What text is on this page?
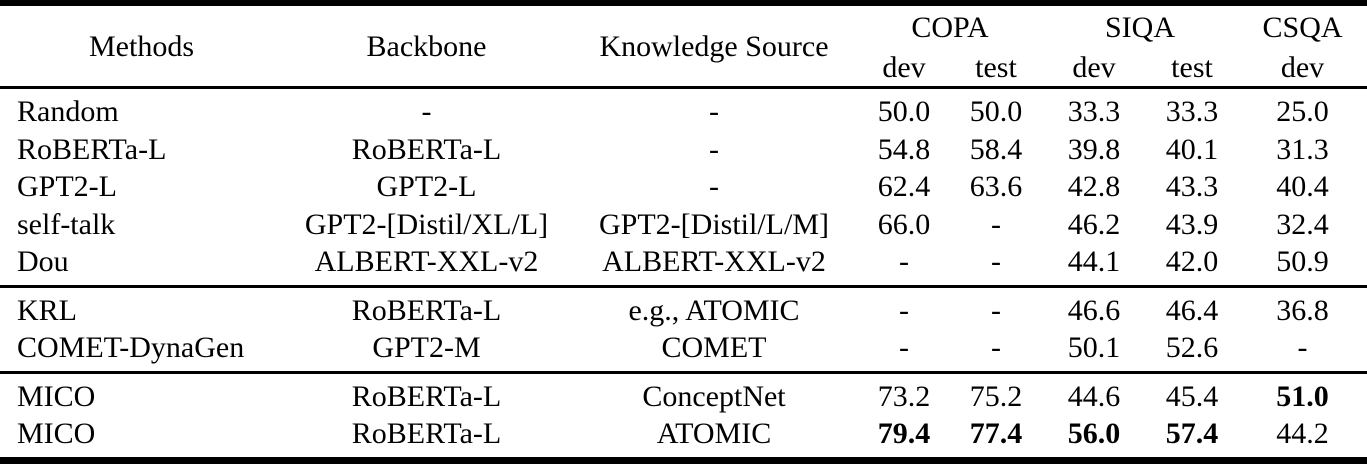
Methods	Backbone	Knowledge Source	COPA		SIQA		CSQA
			dev	test	dev	test	dev
Random	-	-	50.0	50.0	33.3	33.3	25.0
RoBERTa-L	RoBERTa-L	-	54.8	58.4	39.8	40.1	31.3
GPT2-L	GPT2-L	-	62.4	63.6	42.8	43.3	40.4
self-talk	GPT2-[Distil/XL/L]	GPT2-[Distil/L/M]	66.0	-	46.2	43.9	32.4
Dou	ALBERT-XXL-v2	ALBERT-XXL-v2	-	-	44.1	42.0	50.9
KRL	RoBERTa-L	e.g., ATOMIC	-	-	46.6	46.4	36.8
COMET-DynaGen	GPT2-M	COMET	-	-	50.1	52.6	-
MICO	RoBERTa-L	ConceptNet	73.2	75.2	44.6	45.4	51.0
MICO	RoBERTa-L	ATOMIC	79.4	77.4	56.0	57.4	44.2
